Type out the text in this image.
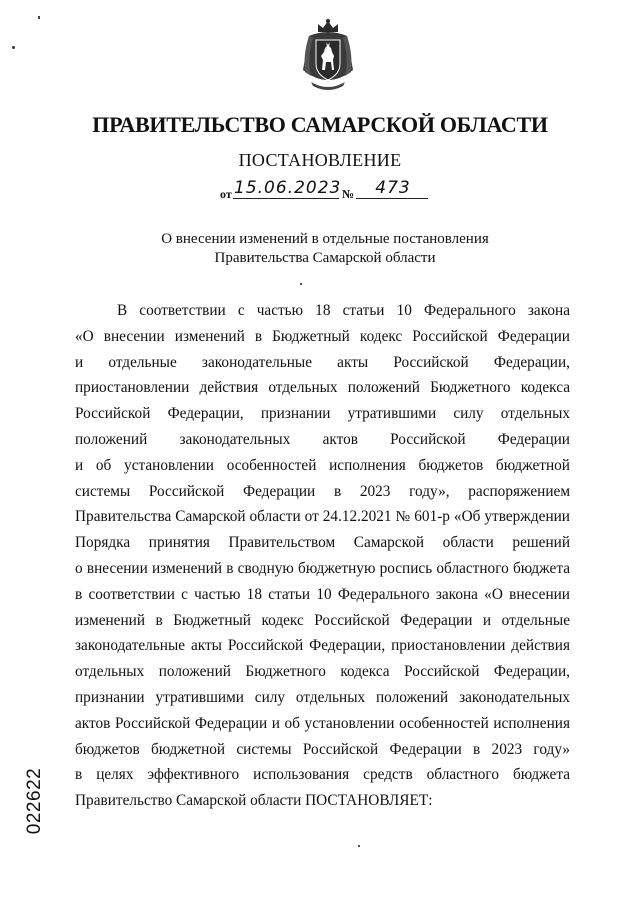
ПРАВИТЕЛЬСТВО САМАРСКОЙ ОБЛАСТИ
ПОСТАНОВЛЕНИЕ
от 15.06.2023 №	473
О внесении изменений в отдельные постановления
Правительства Самарской области
В соответствии с частью 18 статьи 10 Федерального закона
«О внесении изменений в Бюджетный кодекс Российской Федерации
и отдельные законодательные акты Российской Федерации,
приостановлении действия отдельных положений Бюджетного кодекса
Российской Федерации, признании утратившими силу отдельных
положений законодательных актов Российской Федерации
и об установлении особенностей исполнения бюджетов бюджетной
системы Российской Федерации в 2023 году», распоряжением
Правительства Самарской области от 24.12.2021 № 601-р «Об утверждении
Порядка принятия Правительством Самарской области решений
о внесении изменений в сводную бюджетную роспись областного бюджета
в соответствии с частью 18 статьи 10 Федерального закона «О внесении
изменений в Бюджетный кодекс Российской Федерации и отдельные
законодательные акты Российской Федерации, приостановлении действия
отдельных положений Бюджетного кодекса Российской Федерации,
признании утратившими силу отдельных положений законодательных
актов Российской Федерации и об установлении особенностей исполнения
бюджетов бюджетной системы Российской Федерации в 2023 году»
в целях эффективного использования средств областного бюджета
Правительство Самарской области ПОСТАНОВЛЯЕТ:
022622
